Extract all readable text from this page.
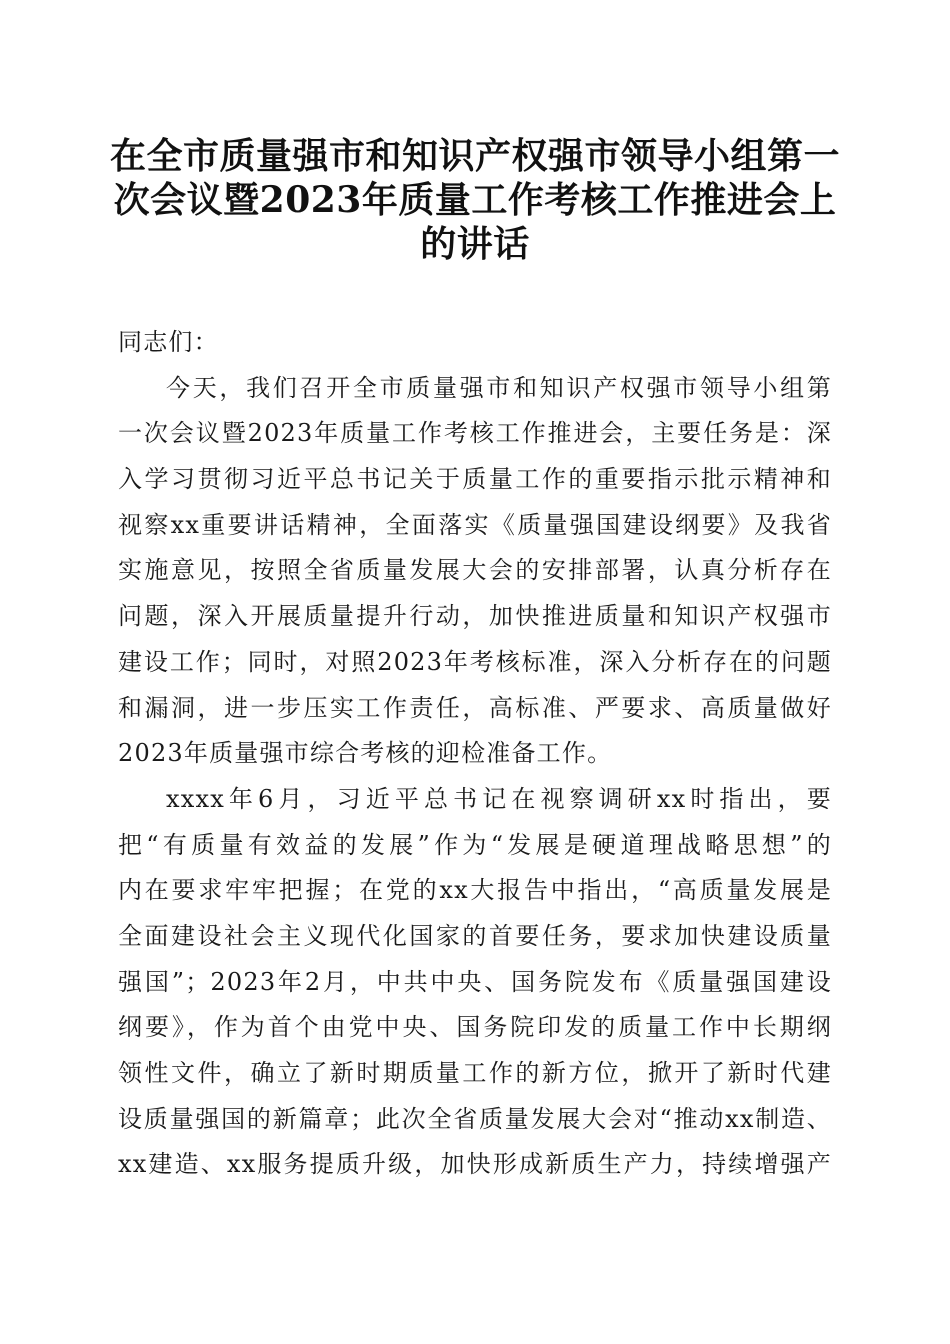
在全市质量强市和知识产权强市领导小组第一
次会议暨2023年质量工作考核工作推进会上
的讲话
同志们：
今天，我们召开全市质量强市和知识产权强市领导小组第
一次会议暨2023年质量工作考核工作推进会，主要任务是：深
入学习贯彻习近平总书记关于质量工作的重要指示批示精神和
视察xx重要讲话精神，全面落实《质量强国建设纲要》及我省
实施意见，按照全省质量发展大会的安排部署，认真分析存在
问题，深入开展质量提升行动，加快推进质量和知识产权强市
建设工作；同时，对照2023年考核标准，深入分析存在的问题
和漏洞，进一步压实工作责任，高标准、严要求、高质量做好
2023年质量强市综合考核的迎检准备工作。
xxxx年6月，习近平总书记在视察调研xx时指出，要
把“有质量有效益的发展”作为“发展是硬道理战略思想”的
内在要求牢牢把握；在党的xx大报告中指出，“高质量发展是
全面建设社会主义现代化国家的首要任务，要求加快建设质量
强国”；2023年2月，中共中央、国务院发布《质量强国建设
纲要》，作为首个由党中央、国务院印发的质量工作中长期纲
领性文件，确立了新时期质量工作的新方位，掀开了新时代建
设质量强国的新篇章；此次全省质量发展大会对“推动xx制造、
xx建造、xx服务提质升级，加快形成新质生产力，持续增强产
